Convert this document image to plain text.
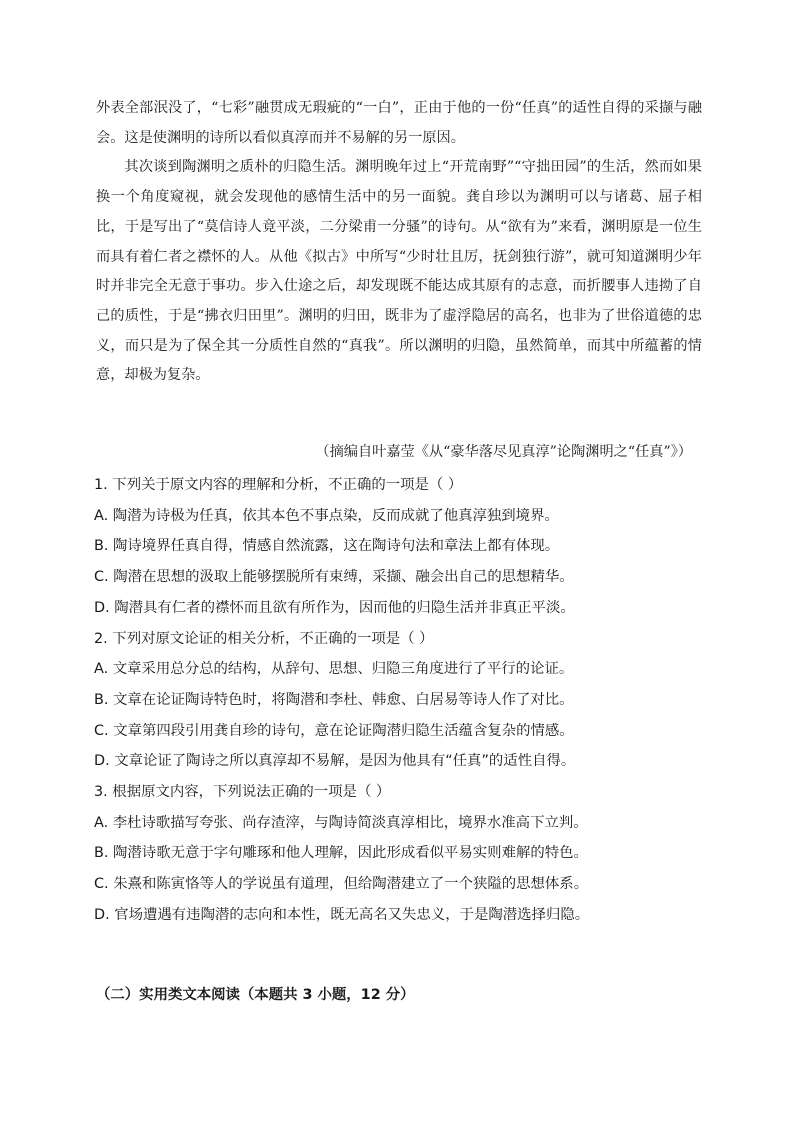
外表全部泯没了，“七彩”融贯成无瑕疵的“一白”，正由于他的一份“任真”的适性自得的采撷与融会。这是使渊明的诗所以看似真淳而并不易解的另一原因。

其次谈到陶渊明之质朴的归隐生活。渊明晚年过上“开荒南野”“守拙田园”的生活，然而如果换一个角度窥视，就会发现他的感情生活中的另一面貌。龚自珍以为渊明可以与诸葛、屈子相比，于是写出了“莫信诗人竟平淡，二分梁甫一分骚”的诗句。从“欲有为”来看，渊明原是一位生而具有着仁者之襟怀的人。从他《拟古》中所写“少时壮且厉，抚剑独行游”，就可知道渊明少年时并非完全无意于事功。步入仕途之后，却发现既不能达成其原有的志意，而折腰事人违拗了自己的质性，于是“拂衣归田里”。渊明的归田，既非为了虚浮隐居的高名，也非为了世俗道德的忠义，而只是为了保全其一分质性自然的“真我”。所以渊明的归隐，虽然简单，而其中所蕴蓄的情意，却极为复杂。

（摘编自叶嘉莹《从“豪华落尽见真淳”论陶渊明之“任真”》）
1. 下列关于原文内容的理解和分析，不正确的一项是（ ）
A. 陶潜为诗极为任真，依其本色不事点染，反而成就了他真淳独到境界。
B. 陶诗境界任真自得，情感自然流露，这在陶诗句法和章法上都有体现。
C. 陶潜在思想的汲取上能够摆脱所有束缚，采撷、融会出自己的思想精华。
D. 陶潜具有仁者的襟怀而且欲有所作为，因而他的归隐生活并非真正平淡。
2. 下列对原文论证的相关分析，不正确的一项是（ ）
A. 文章采用总分总的结构，从辞句、思想、归隐三角度进行了平行的论证。
B. 文章在论证陶诗特色时，将陶潜和李杜、韩愈、白居易等诗人作了对比。
C. 文章第四段引用龚自珍的诗句，意在论证陶潜归隐生活蕴含复杂的情感。
D. 文章论证了陶诗之所以真淳却不易解，是因为他具有“任真”的适性自得。
3. 根据原文内容，下列说法正确的一项是（ ）
A. 李杜诗歌描写夸张、尚存渣滓，与陶诗简淡真淳相比，境界水准高下立判。
B. 陶潜诗歌无意于字句雕琢和他人理解，因此形成看似平易实则难解的特色。
C. 朱熹和陈寅恪等人的学说虽有道理，但给陶潜建立了一个狭隘的思想体系。
D. 官场遭遇有违陶潜的志向和本性，既无高名又失忠义，于是陶潜选择归隐。
（二）实用类文本阅读（本题共 3 小题，12 分）
